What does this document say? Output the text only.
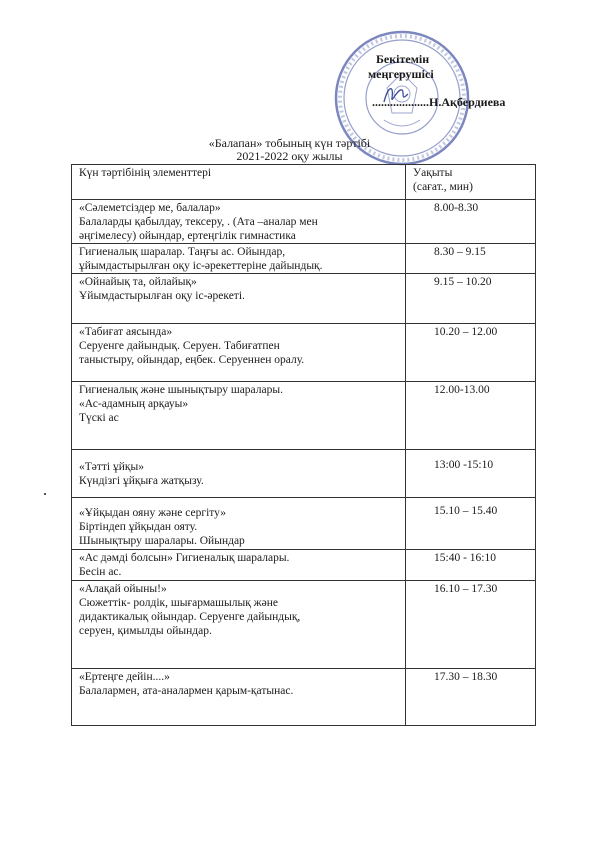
Бекітемін
меңгерушісі
...................Н.Ақбердиева
«Балапан» тобының күн тәртібі
2021-2022 оқу жылы
Күн тәртібінің элементтері	Уақыты
(сағат., мин)

«Сәлеметсіздер ме, балалар»
Балаларды қабылдау, тексеру, . (Ата –аналар мен
әңгімелесу) ойындар, ертеңгілік гимнастика	8.00-8.30

Гигиеналық шаралар. Таңғы ас. Ойындар,
ұйымдастырылған оқу іс-әрекеттеріне дайындық.	8.30 – 9.15

«Ойнайық та, ойлайық»
Ұйымдастырылған оқу іс-әрекеті.	9.15 – 10.20

«Табиғат аясында»
Серуенге дайындық. Серуен. Табиғатпен
таныстыру, ойындар, еңбек. Серуеннен оралу.	10.20 – 12.00

Гигиеналық және шынықтыру шаралары.
«Ас-адамның арқауы»
Түскі ас	12.00-13.00

«Тәтті ұйқы»
Күндізгі ұйқыға жатқызу.	13:00 -15:10

«Ұйқыдан ояну және сергіту»
Біртіндеп ұйқыдан ояту.
Шынықтыру шаралары. Ойындар	15.10 – 15.40

«Ас дәмді болсын» Гигиеналық шаралары.
Бесін ас.	15:40 - 16:10

«Алақай ойыны!»
Сюжеттік- ролдік, шығармашылық және
дидактикалық ойындар. Серуенге дайындық,
серуен, қимылды ойындар.	16.10 – 17.30

«Ертеңге дейін....»
Балалармен, ата-аналармен қарым-қатынас.	17.30 – 18.30
